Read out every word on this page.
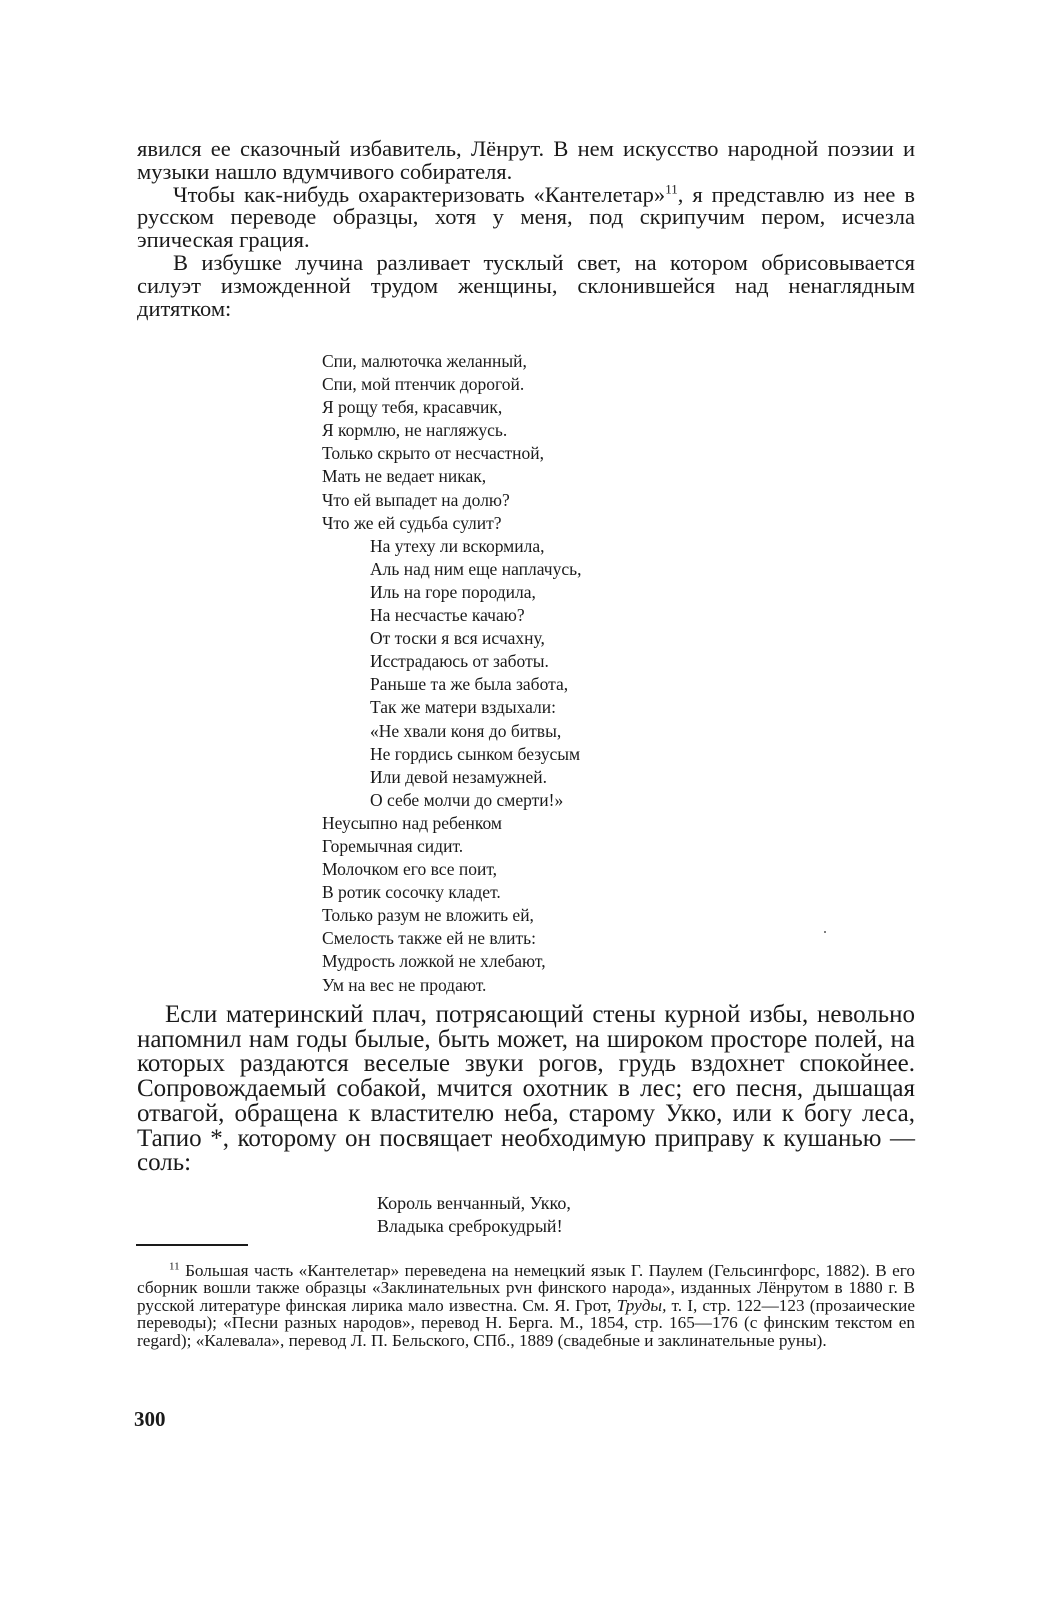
явился ее сказочный избавитель, Лёнрут. В нем искусство народной поэзии и музыки нашло вдумчивого собирателя.

Чтобы как-нибудь охарактеризовать «Кантелетар»$^{11}$, я представлю из нее в русском переводе образцы, хотя у меня, под скрипучим пером, исчезла эпическая грация.

В избушке лучина разливает тусклый свет, на котором обрисовывается силуэт изможденной трудом женщины, склонившейся над ненаглядным дитятком:

Спи, малюточка желанный,
Спи, мой птенчик дорогой.
Я рощу тебя, красавчик,
Я кормлю, не нагляжусь.
Только скрыто от несчастной,
Мать не ведает никак,
Что ей выпадет на долю?
Что же ей судьба сулит?
На утеху ли вскормила,
Аль над ним еще наплачусь,
Иль на горе породила,
На несчастье качаю?
От тоски я вся исчахну,
Исстрадаюсь от заботы.
Раньше та же была забота,
Так же матери вздыхали:
«Не хвали коня до битвы,
Не гордись сынком безусым
Или девой незамужней.
О себе молчи до смерти!»
Неусыпно над ребенком
Горемычная сидит.
Молочком его все поит,
В ротик сосочку кладет.
Только разум не вложить ей,
Смелость также ей не влить:
Мудрость ложкой не хлебают,
Ум на вес не продают.

Если материнский плач, потрясающий стены курной избы, невольно напомнил нам годы былые, быть может, на широком просторе полей, на которых раздаются веселые звуки рогов, грудь вздохнет спокойнее. Сопровождаемый собакой, мчится охотник в лес; его песня, дышащая отвагой, обращена к властителю неба, старому Укко, или к богу леса, Тапио *, которому он посвящает необходимую приправу к кушанью — соль:

Король венчанный, Укко,
Владыка среброкудрый!

$^{11}$ Большая часть «Кантелетар» переведена на немецкий язык Г. Паулем (Гельсингфорс, 1882). В его сборник вошли также образцы «Заклинательных рvн финского народа», изданных Лёнрутом в 1880 г. В русской литературе финская лирика мало известна. См. Я. Грот, Труды, т. I, стр. 122—123 (прозаические переводы); «Песни разных народов», перевод Н. Берга. М., 1854, стр. 165—176 (с финским текстом en regard); «Калевала», перевод Л. П. Бельского, СПб., 1889 (свадебные и заклинательные руны).

300
